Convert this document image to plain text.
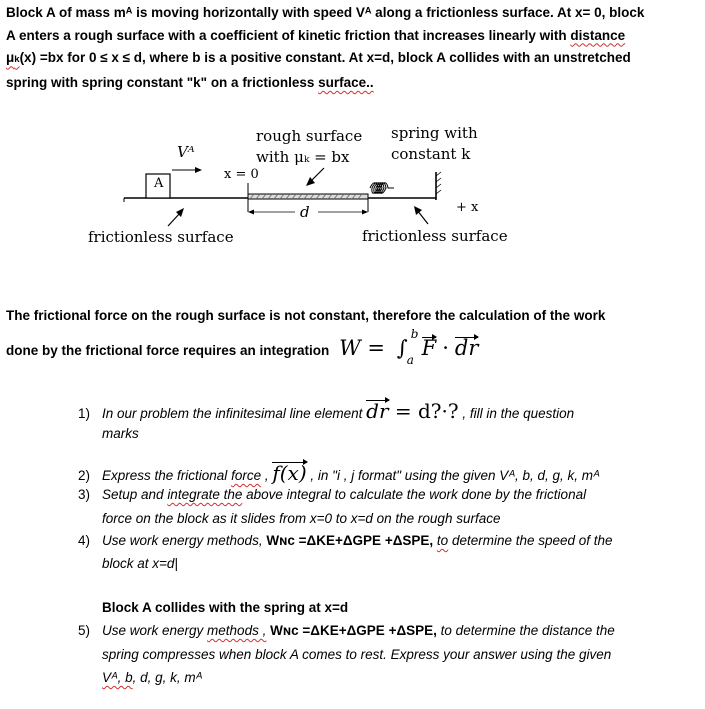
Block A of mass mᴬ is moving horizontally with speed Vᴬ along a frictionless surface. At x= 0, block

A enters a rough surface with a coefficient of kinetic friction that increases linearly with distance

μk(x) =bx for 0 ≤ x ≤ d, where b is a positive constant. At x=d, block A collides with an unstretched

spring with spring constant "k" on a frictionless surface..

Vᴬ
A
x = 0
rough surface
with μₖ = bx
spring with
constant k
d	+ x
frictionless surface	frictionless surface
The frictional force on the rough surface is not constant, therefore the calculation of the work
done by the frictional force requires an integration W = ∫
b
a F · dr
1) In our problem the infinitesimal line element dr = d?·? , fill in the question
marks
2) Express the frictional force , f(x) , in "i , j format" using the given Vᴬ, b, d, g, k, mᴬ
3) Setup and integrate the above integral to calculate the work done by the frictional
force on the block as it slides from x=0 to x=d on the rough surface
4) Use work energy methods, Wɴᴄ =ΔKE+ΔGPE +ΔSPE, to determine the speed of the
block at x=d|
Block A collides with the spring at x=d
5) Use work energy methods , Wɴᴄ =ΔKE+ΔGPE +ΔSPE, to determine the distance the
spring compresses when block A comes to rest. Express your answer using the given
Vᴬ, b, d, g, k, mᴬ
